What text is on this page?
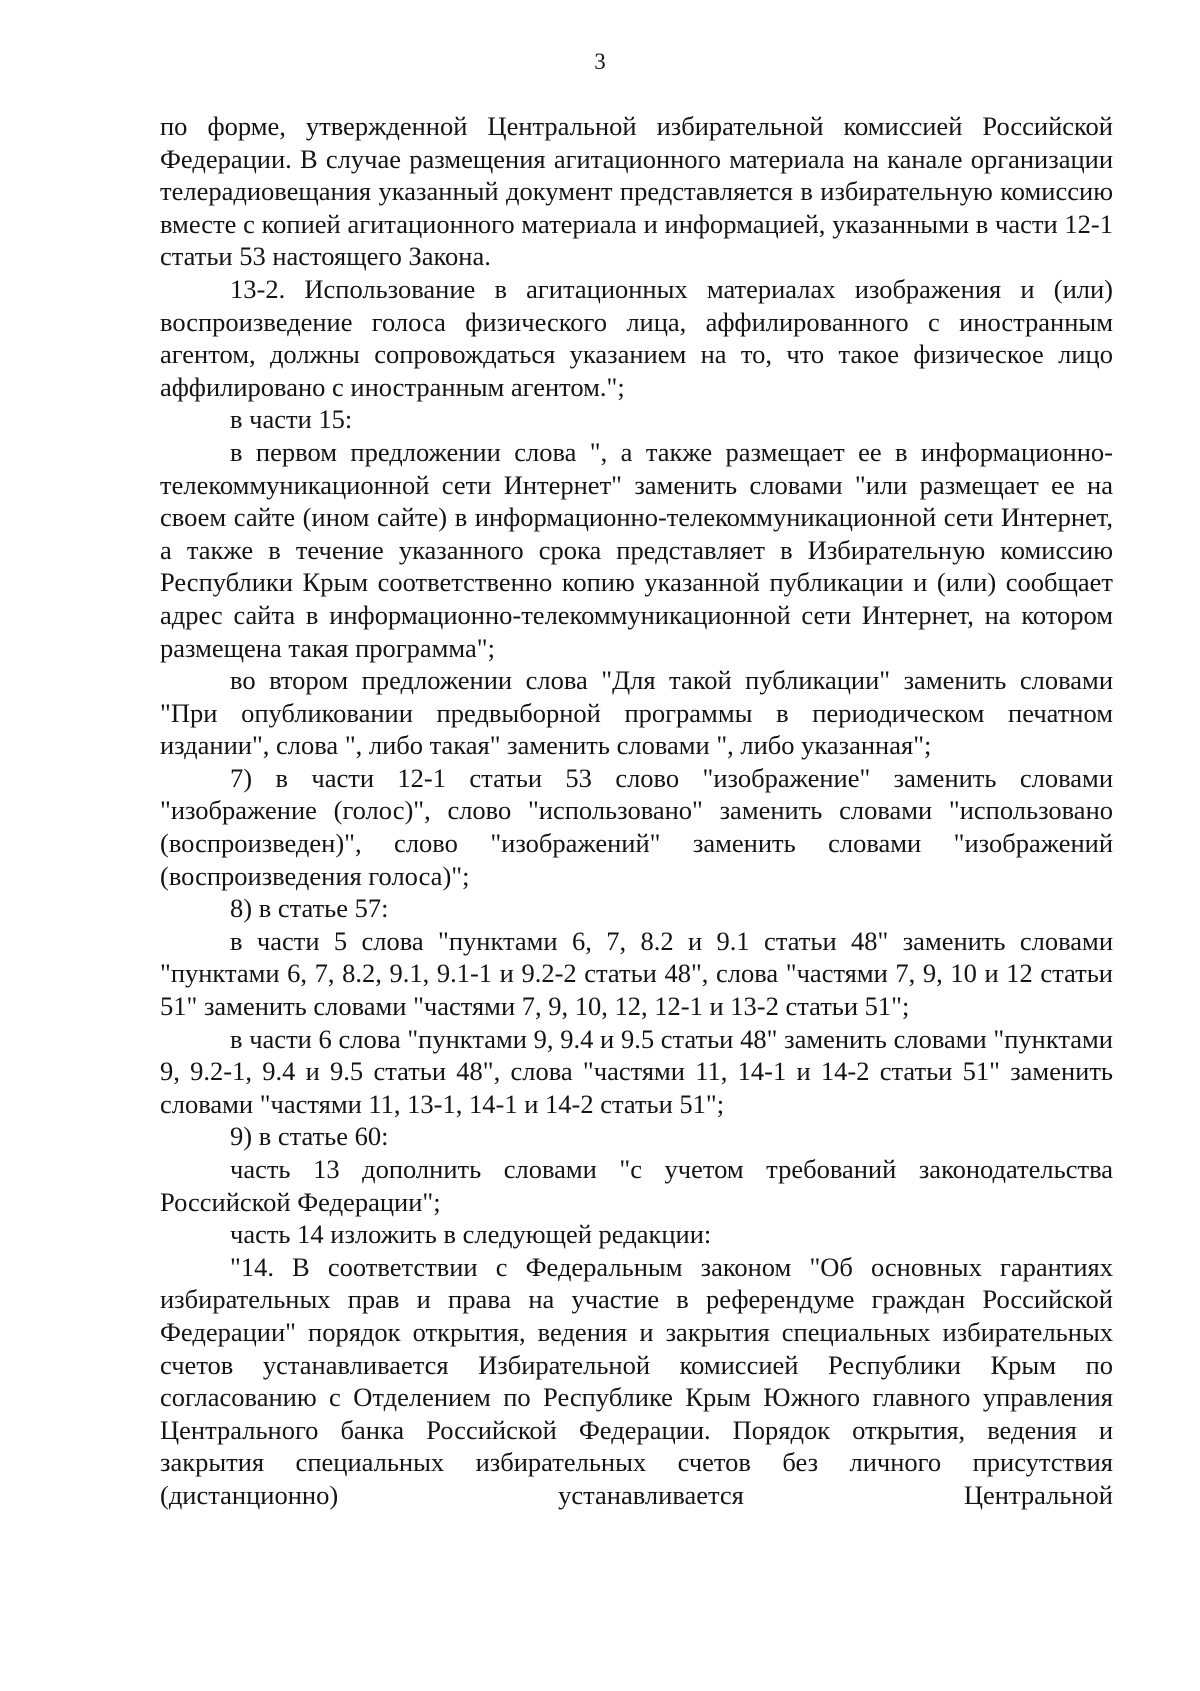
3

по форме, утвержденной Центральной избирательной комиссией Российской Федерации. В случае размещения агитационного материала на канале организации телерадиовещания указанный документ представляется в избирательную комиссию вместе с копией агитационного материала и информацией, указанными в части 12-1 статьи 53 настоящего Закона.

13-2. Использование в агитационных материалах изображения и (или) воспроизведение голоса физического лица, аффилированного с иностранным агентом, должны сопровождаться указанием на то, что такое физическое лицо аффилировано с иностранным агентом.";

в части 15:

в первом предложении слова ", а также размещает ее в информационно-телекоммуникационной сети Интернет" заменить словами "или размещает ее на своем сайте (ином сайте) в информационно-телекоммуникационной сети Интернет, а также в течение указанного срока представляет в Избирательную комиссию Республики Крым соответственно копию указанной публикации и (или) сообщает адрес сайта в информационно-телекоммуникационной сети Интернет, на котором размещена такая программа";

во втором предложении слова "Для такой публикации" заменить словами "При опубликовании предвыборной программы в периодическом печатном издании", слова ", либо такая" заменить словами ", либо указанная";

7) в части 12-1 статьи 53 слово "изображение" заменить словами "изображение (голос)", слово "использовано" заменить словами "использовано (воспроизведен)", слово "изображений" заменить словами "изображений (воспроизведения голоса)";

8) в статье 57:

в части 5 слова "пунктами 6, 7, 8.2 и 9.1 статьи 48" заменить словами "пунктами 6, 7, 8.2, 9.1, 9.1-1 и 9.2-2 статьи 48", слова "частями 7, 9, 10 и 12 статьи 51" заменить словами "частями 7, 9, 10, 12, 12-1 и 13-2 статьи 51";

в части 6 слова "пунктами 9, 9.4 и 9.5 статьи 48" заменить словами "пунктами 9, 9.2-1, 9.4 и 9.5 статьи 48", слова "частями 11, 14-1 и 14-2 статьи 51" заменить словами "частями 11, 13-1, 14-1 и 14-2 статьи 51";

9) в статье 60:

часть 13 дополнить словами "с учетом требований законодательства Российской Федерации";

часть 14 изложить в следующей редакции:

"14. В соответствии с Федеральным законом "Об основных гарантиях избирательных прав и права на участие в референдуме граждан Российской Федерации" порядок открытия, ведения и закрытия специальных избирательных счетов устанавливается Избирательной комиссией Республики Крым по согласованию с Отделением по Республике Крым Южного главного управления Центрального банка Российской Федерации. Порядок открытия, ведения и закрытия специальных избирательных счетов без личного присутствия (дистанционно) устанавливается Центральной
